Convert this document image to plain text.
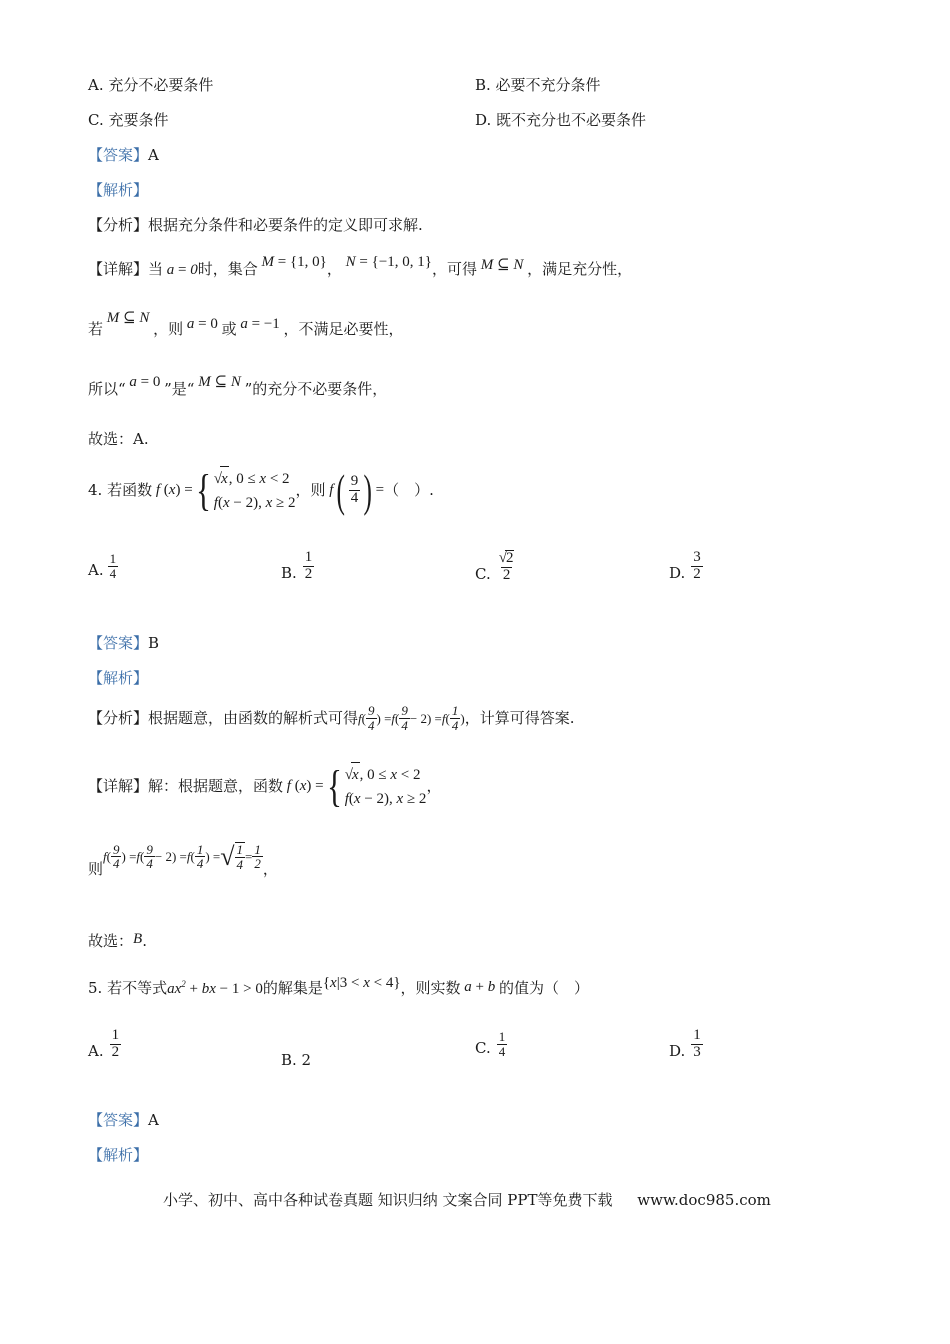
A. 充分不必要条件	B. 必要不充分条件
C. 充要条件	D. 既不充分也不必要条件
【答案】A
【解析】
【分析】根据充分条件和必要条件的定义即可求解.
【详解】当 a = 0时，集合 M = {1, 0}， N = {−1, 0, 1}，可得 M ⊆ N ，满足充分性，
若 M ⊆ N ，则 a = 0 或 a = −1 ，不满足必要性，
所以“ a = 0 ”是“ M ⊆ N ”的充分不必要条件，
故选：A.
4. 若函数 f (x) = { √x, 0 ≤ x < 2
f(x − 2), x ≥ 2
，则 f ( $\frac{9}{4}$ ) = （　）.
A. $\frac{1}{4}$	B. $\frac{1}{2}$	C. $\frac{√2}{2}$	D. $\frac{3}{2}$
【答案】B
【解析】
【分析】 根据题意，由函数的解析式可得 f ( $\frac{9}{4}$ ) = f ( $\frac{9}{4} - 2) = f$ ( $\frac{1}{4}$ ) ，计算可得答案.
【详解】 解：根据题意，函数 f (x) = { √x, 0 ≤ x < 2
f(x − 2), x ≥ 2
，
则
f ( $\frac{9}{4}$ ) = f ( $\frac{9}{4} - 2) = f$ ( $\frac{1}{4}$ ) = √ $\frac{1}{4} = \frac{1}{2}$ ，
故选：B.
5. 若不等式$ax^2$ + bx − 1 > 0的解集是{x|3 < x < 4}，则实数 a + b 的值为（　）
A. $\frac{1}{2}$	B. 2
C. $\frac{1}{4}$	D. $\frac{1}{3}$
【答案】A
【解析】
小学、初中、高中各种试卷真题 知识归纳 文案合同 PPT等免费下载 www.doc985.com
